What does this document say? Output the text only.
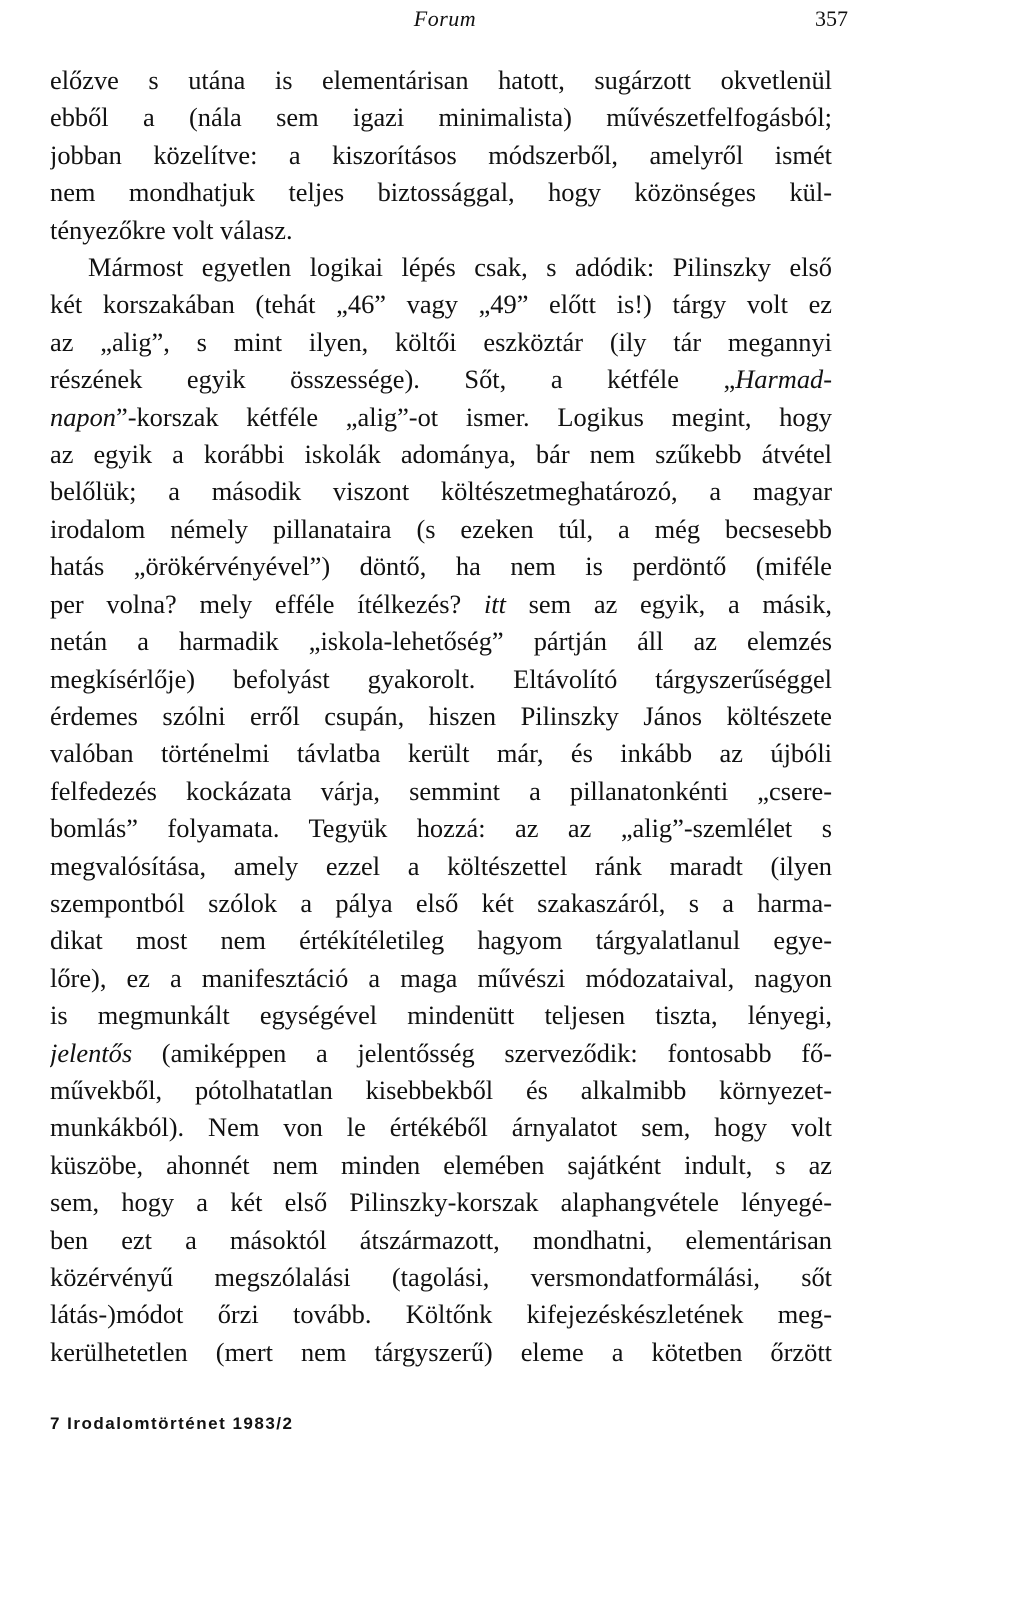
Forum	357
előzve s utána is elementárisan hatott, sugárzott okvetlenül
ebből a (nála sem igazi minimalista) művészetfelfogásból;
jobban közelítve: a kiszorításos módszerből, amelyről ismét
nem mondhatjuk teljes biztossággal, hogy közönséges kül-
tényezőkre volt válasz.
Mármost egyetlen logikai lépés csak, s adódik: Pilinszky első
két korszakában (tehát „46” vagy „49” előtt is!) tárgy volt ez
az „alig”, s mint ilyen, költői eszköztár (ily tár megannyi
részének egyik összessége). Sőt, a kétféle „Harmad-
napon”-korszak kétféle „alig”-ot ismer. Logikus megint, hogy
az egyik a korábbi iskolák adománya, bár nem szűkebb átvétel
belőlük; a második viszont költészetmeghatározó, a magyar
irodalom némely pillanataira (s ezeken túl, a még becsesebb
hatás „örökérvényével”) döntő, ha nem is perdöntő (miféle
per volna? mely efféle ítélkezés? itt sem az egyik, a másik,
netán a harmadik „iskola-lehetőség” pártján áll az elemzés
megkísérlője) befolyást gyakorolt. Eltávolító tárgyszerűséggel
érdemes szólni erről csupán, hiszen Pilinszky János költészete
valóban történelmi távlatba került már, és inkább az újbóli
felfedezés kockázata várja, semmint a pillanatonkénti „csere-
bomlás” folyamata. Tegyük hozzá: az az „alig”-szemlélet s
megvalósítása, amely ezzel a költészettel ránk maradt (ilyen
szempontból szólok a pálya első két szakaszáról, s a harma-
dikat most nem értékítéletileg hagyom tárgyalatlanul egye-
lőre), ez a manifesztáció a maga művészi módozataival, nagyon
is megmunkált egységével mindenütt teljesen tiszta, lényegi,
jelentős (amiképpen a jelentősség szerveződik: fontosabb fő-
művekből, pótolhatatlan kisebbekből és alkalmibb környezet-
munkákból). Nem von le értékéből árnyalatot sem, hogy volt
küszöbe, ahonnét nem minden elemében sajátként indult, s az
sem, hogy a két első Pilinszky-korszak alaphangvétele lényegé-
ben ezt a másoktól átszármazott, mondhatni, elementárisan
közérvényű megszólalási (tagolási, versmondatformálási, sőt
látás-)módot őrzi tovább. Költőnk kifejezéskészletének meg-
kerülhetetlen (mert nem tárgyszerű) eleme a kötetben őrzött
7 Irodalomtörténet 1983/2
